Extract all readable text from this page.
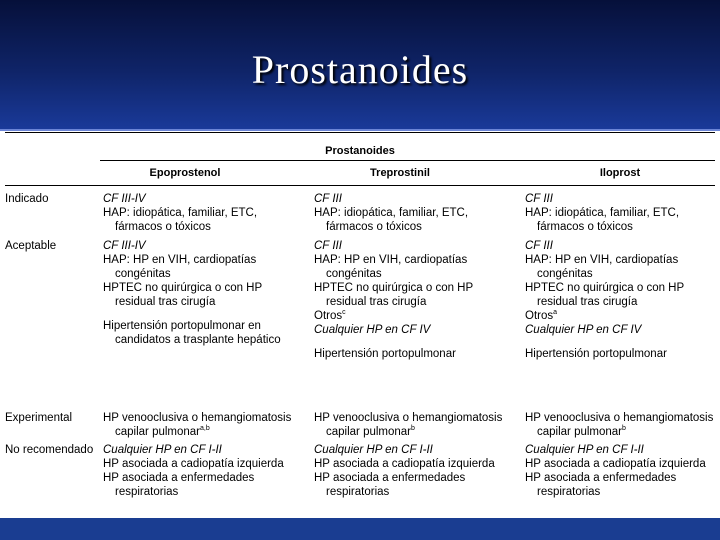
Prostanoides
Prostanoides
Epoprostenol	Treprostinil	Iloprost
Indicado
Aceptable
Experimental
No recomendado
CF III-IV
HAP: idiopática, familiar, ETC,
fármacos o tóxicos
CF III-IV
HAP: HP en VIH, cardiopatías
congénitas
HPTEC no quirúrgica o con HP
residual tras cirugía
Hipertensión portopulmonar en
candidatos a trasplante hepático
HP venooclusiva o hemangiomatosis
capilar pulmonar$^{a,b}$
Cualquier HP en CF I-II
HP asociada a cadiopatía izquierda
HP asociada a enfermedades
respiratorias
CF III
HAP: idiopática, familiar, ETC,
fármacos o tóxicos
CF III
HAP: HP en VIH, cardiopatías
congénitas
HPTEC no quirúrgica o con HP
residual tras cirugía
Otros$^c$
Cualquier HP en CF IV
Hipertensión portopulmonar
HP venooclusiva o hemangiomatosis
capilar pulmonar$^b$
Cualquier HP en CF I-II
HP asociada a cadiopatía izquierda
HP asociada a enfermedades
respiratorias
CF III
HAP: idiopática, familiar, ETC,
fármacos o tóxicos
CF III
HAP: HP en VIH, cardiopatías
congénitas
HPTEC no quirúrgica o con HP
residual tras cirugía
Otros$^a$
Cualquier HP en CF IV
Hipertensión portopulmonar
HP venooclusiva o hemangiomatosis
capilar pulmonar$^b$
Cualquier HP en CF I-II
HP asociada a cadiopatía izquierda
HP asociada a enfermedades
respiratorias
